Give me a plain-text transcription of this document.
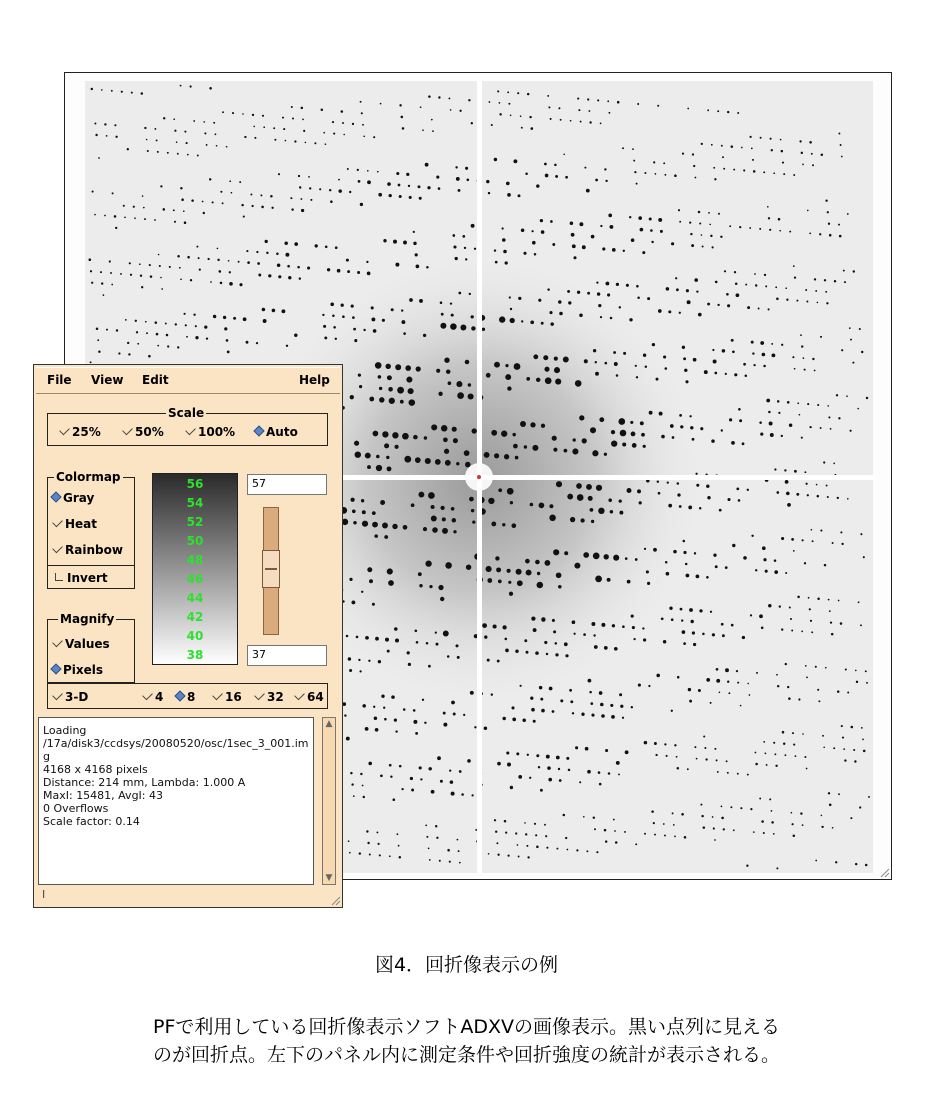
File View Edit	Help
Scale
25%	50%	100%	Auto
Colormap
Gray
Heat
Rainbow
Invert
56
54
52
50
48
46
44
42
40
38
57
37
Magnify
Values
Pixels
3-D	4	8	16	32	64
Loading
/17a/disk3/ccdsys/20080520/osc/1sec_3_001.img
4168 x 4168 pixels
Distance: 214 mm, Lambda: 1.000 A
MaxI: 15481, AvgI: 43
0 Overflows
Scale factor: 0.14
▲
▼
I
図4．回折像表示の例
PFで利用している回折像表示ソフトADXVの画像表示。黒い点列に見える
のが回折点。左下のパネル内に測定条件や回折強度の統計が表示される。
